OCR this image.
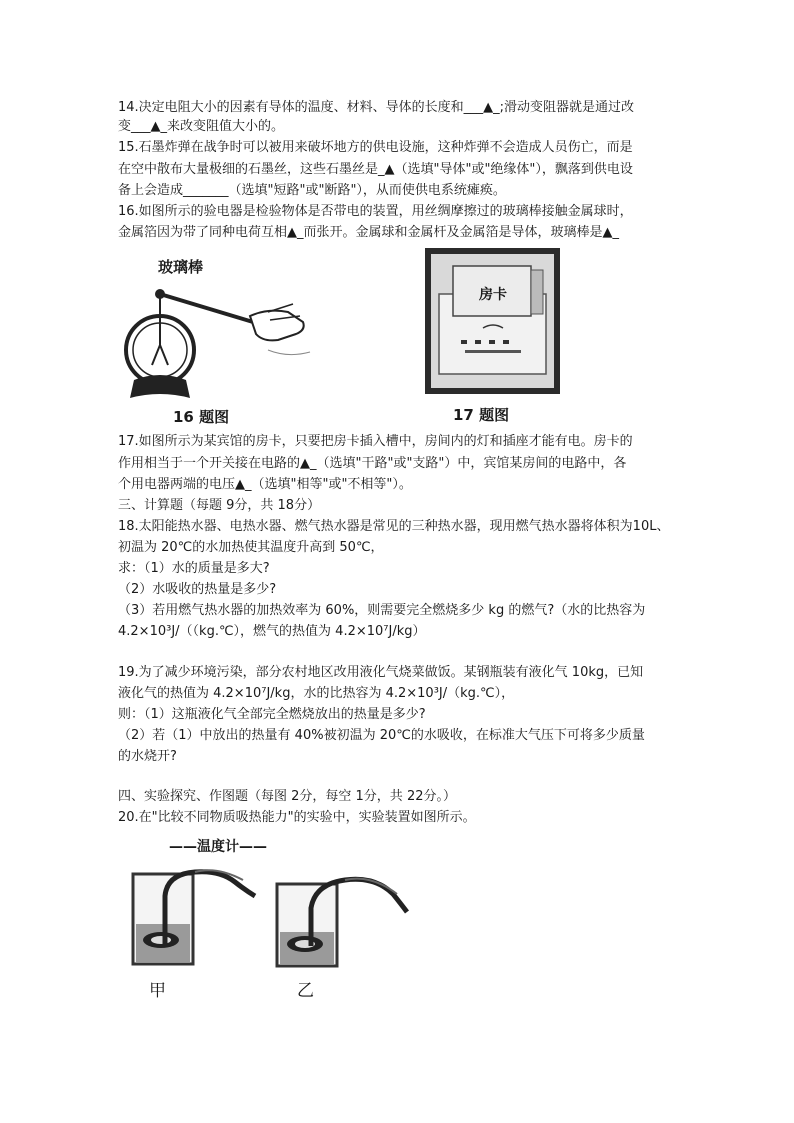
14.决定电阻大小的因素有导体的温度、材料、导体的长度和___▲_;滑动变阻器就是通过改
变___▲_来改变阻值大小的。
15.石墨炸弹在战争时可以被用来破坏地方的供电设施，这种炸弹不会造成人员伤亡，而是
在空中散布大量极细的石墨丝，这些石墨丝是_▲（选填"导体"或"绝缘体"），飘落到供电设
备上会造成_______（选填"短路"或"断路"），从而使供电系统瘫痪。
16.如图所示的验电器是检验物体是否带电的装置，用丝绸摩擦过的玻璃棒接触金属球时，
金属箔因为带了同种电荷互相▲_而张开。金属球和金属杆及金属箔是导体，玻璃棒是▲_
玻璃棒
16 题图
房卡
17 题图
17.如图所示为某宾馆的房卡，只要把房卡插入槽中，房间内的灯和插座才能有电。房卡的
作用相当于一个开关接在电路的▲_（选填"干路"或"支路"）中，宾馆某房间的电路中，各
个用电器两端的电压▲_（选填"相等"或"不相等"）。
三、计算题（每题 9分，共 18分）
18.太阳能热水器、电热水器、燃气热水器是常见的三种热水器，现用燃气热水器将体积为10L、
初温为 20℃的水加热使其温度升高到 50℃，
求：（1）水的质量是多大?
（2）水吸收的热量是多少?
（3）若用燃气热水器的加热效率为 60%，则需要完全燃烧多少 kg 的燃气?（水的比热容为
4.2×10³J/（（kg.℃），燃气的热值为 4.2×10⁷J/kg）
19.为了减少环境污染，部分农村地区改用液化气烧菜做饭。某钢瓶装有液化气 10kg，已知
液化气的热值为 4.2×10⁷J/kg，水的比热容为 4.2×10³J/（kg.℃），
则：（1）这瓶液化气全部完全燃烧放出的热量是多少?
（2）若（1）中放出的热量有 40%被初温为 20℃的水吸收，在标准大气压下可将多少质量
的水烧开?
四、实验探究、作图题（每图 2分，每空 1分，共 22分。）
20.在"比较不同物质吸热能力"的实验中，实验装置如图所示。
——温度计——
甲	乙
